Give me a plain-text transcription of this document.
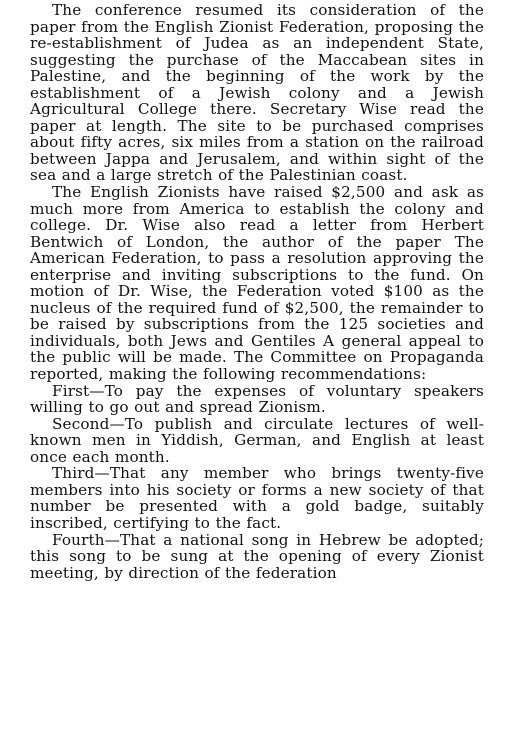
The conference resumed its consideration of the paper from the English Zionist Federation, proposing the re-establishment of Judea as an independent State, suggesting the purchase of the Maccabean sites in Palestine, and the beginning of the work by the establishment of a Jewish colony and a Jewish Agricultural College there. Secretary Wise read the paper at length. The site to be purchased comprises about fifty acres, six miles from a station on the railroad between Jappa and Jerusalem, and within sight of the sea and a large stretch of the Palestinian coast.

The English Zionists have raised $2,500 and ask as much more from America to establish the colony and college. Dr. Wise also read a letter from Herbert Bentwich of London, the author of the paper The American Federation, to pass a resolution approving the enterprise and inviting subscriptions to the fund. On motion of Dr. Wise, the Federation voted $100 as the nucleus of the required fund of $2,500, the remainder to be raised by subscriptions from the 125 societies and individuals, both Jews and Gentiles A general appeal to the public will be made. The Committee on Propaganda reported, making the following recommendations:

First—To pay the expenses of voluntary speakers willing to go out and spread Zionism.

Second—To publish and circulate lectures of well-known men in Yiddish, German, and English at least once each month.

Third—That any member who brings twenty-five members into his society or forms a new society of that number be presented with a gold badge, suitably inscribed, certifying to the fact.

Fourth—That a national song in Hebrew be adopted; this song to be sung at the opening of every Zionist meeting, by direction of the federation
